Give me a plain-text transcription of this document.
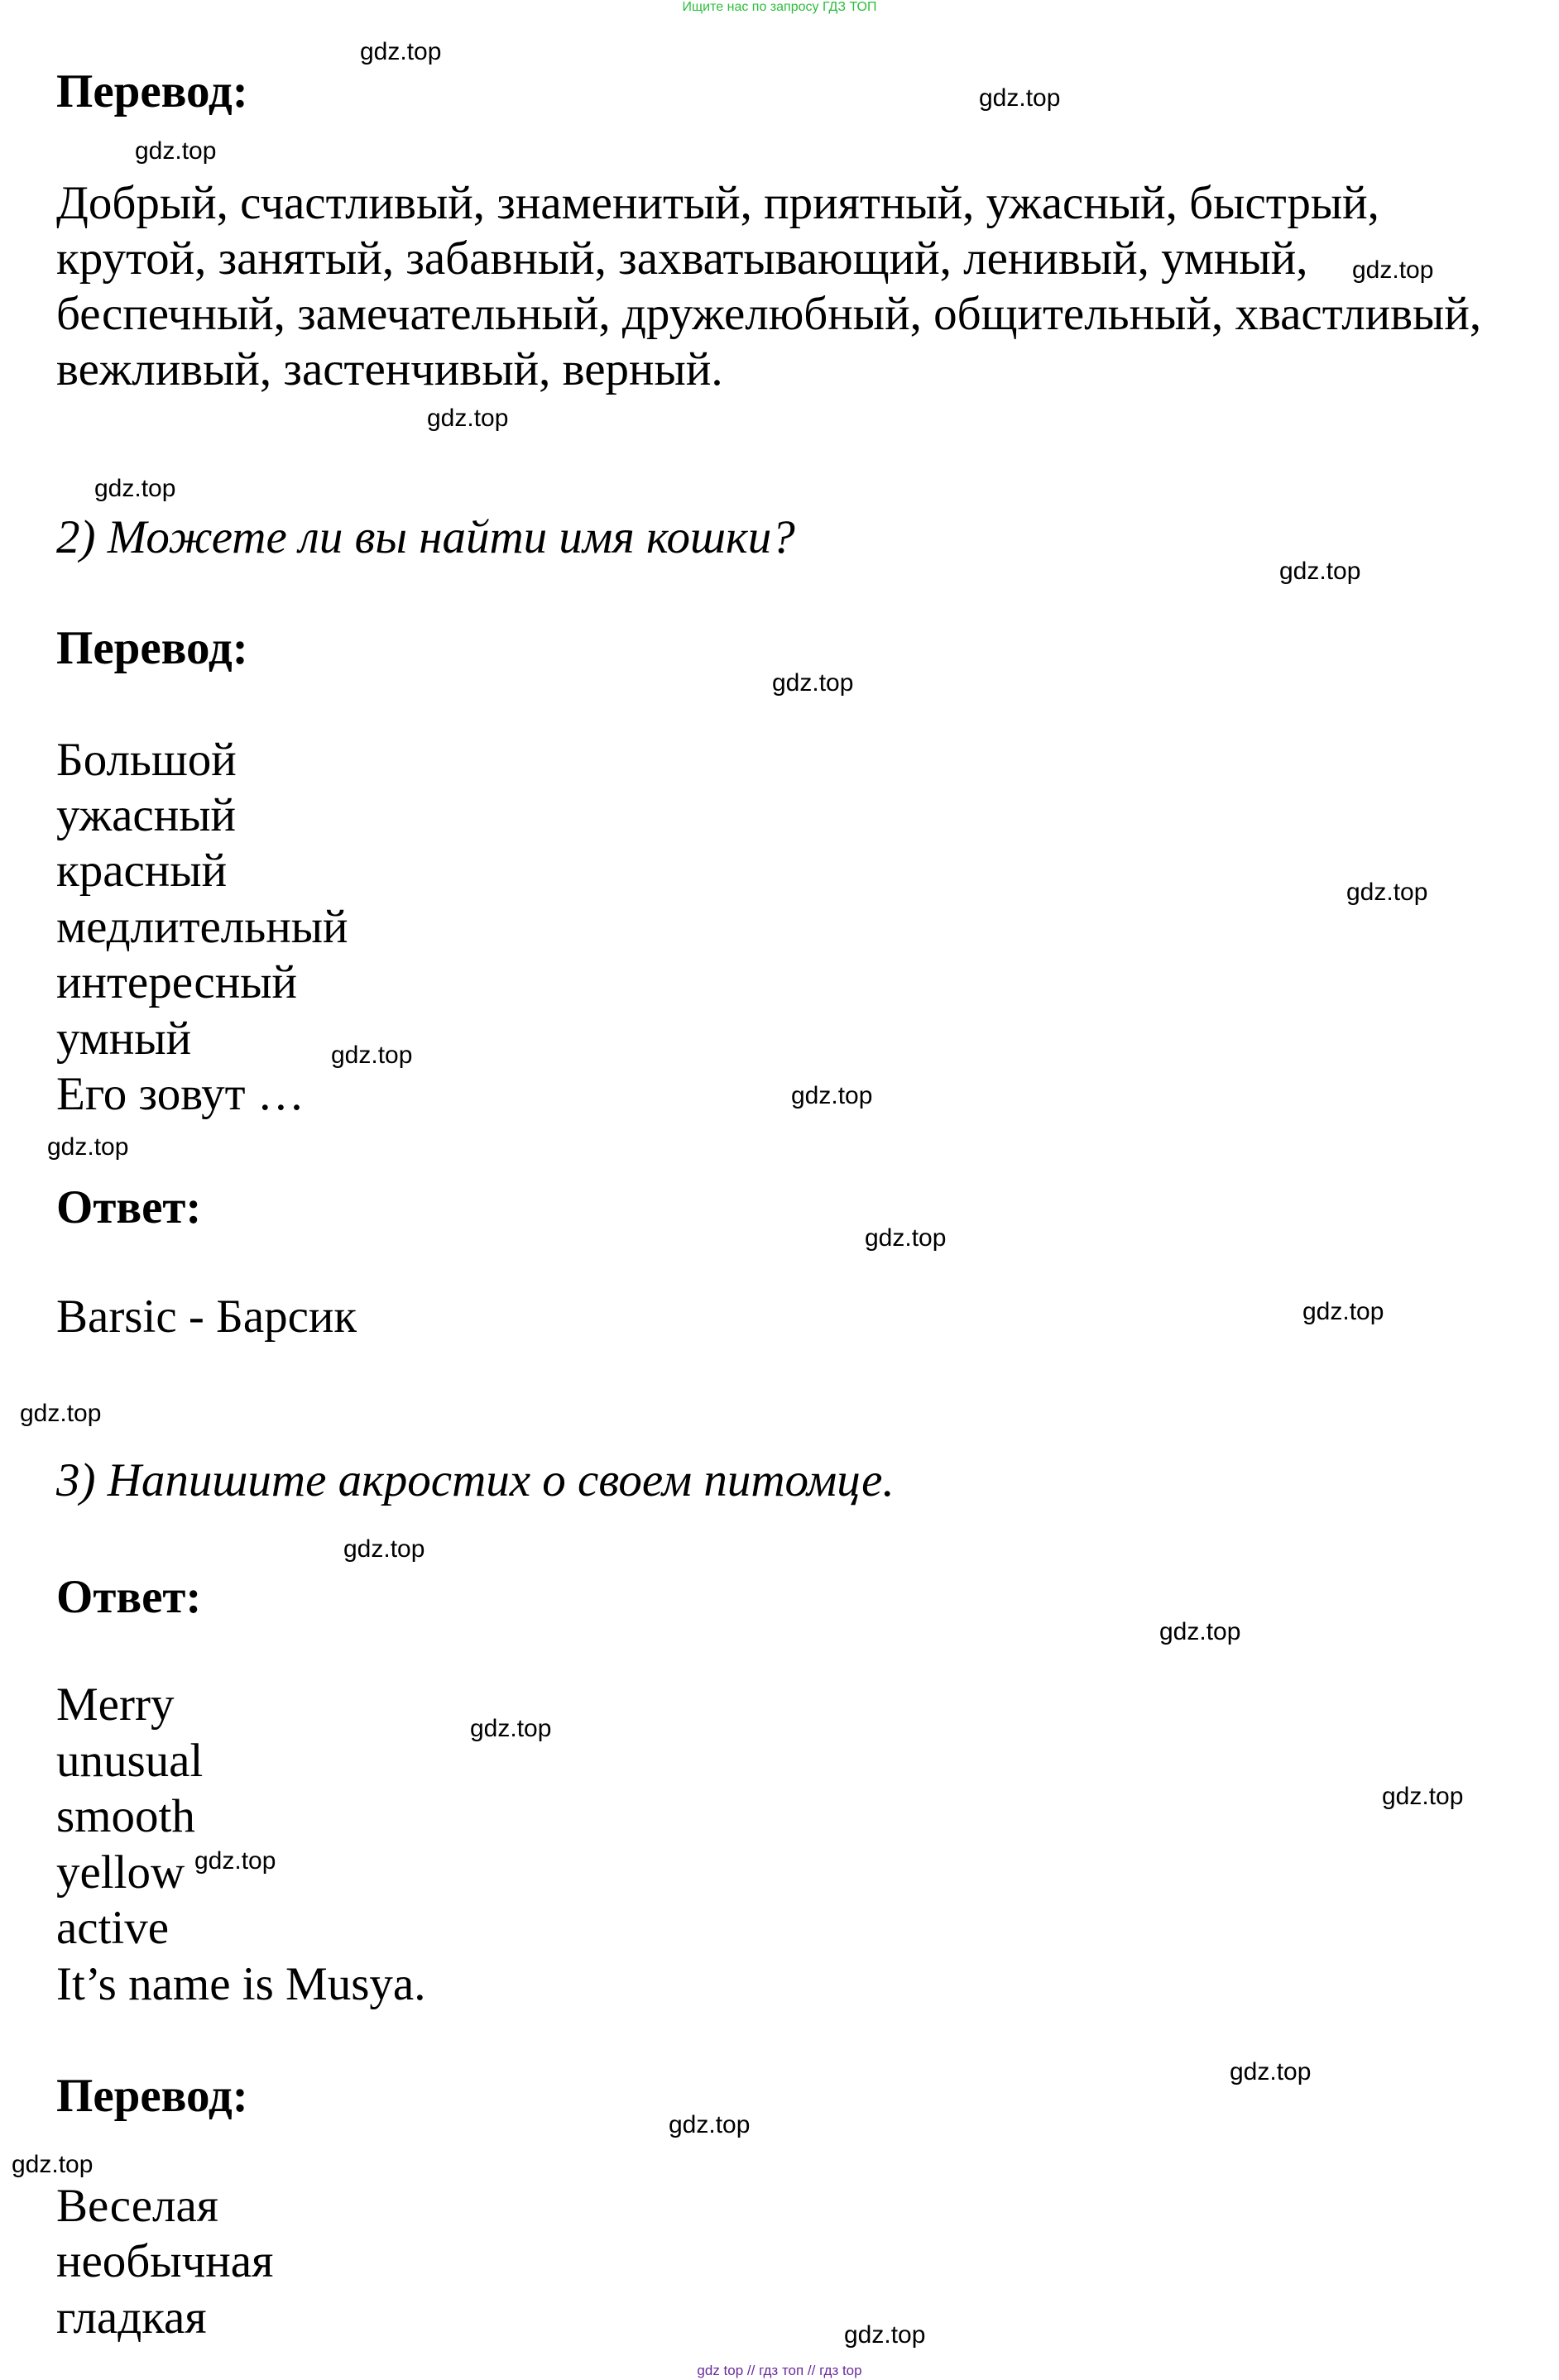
Ищите нас по запросу ГДЗ ТОП
Перевод:
Добрый, счастливый, знаменитый, приятный, ужасный, быстрый,
крутой, занятый, забавный, захватывающий, ленивый, умный,
беспечный, замечательный, дружелюбный, общительный, хвастливый,
вежливый, застенчивый, верный.
2) Можете ли вы найти имя кошки?
Перевод:
Большой
ужасный
красный
медлительный
интересный
умный
Его зовут …
Ответ:
Barsic - Барсик
3) Напишите акростих о своем питомце.
Ответ:
Merry
unusual
smooth
yellow
active
It’s name is Musya.
Перевод:
Веселая
необычная
гладкая
gdz.top
gdz.top
gdz.top
gdz.top
gdz.top
gdz.top
gdz.top
gdz.top
gdz.top
gdz.top
gdz.top
gdz.top
gdz.top
gdz.top
gdz.top
gdz.top
gdz.top
gdz.top
gdz.top
gdz.top
gdz.top
gdz.top
gdz.top
gdz.top
gdz top // гдз топ // гдз top
